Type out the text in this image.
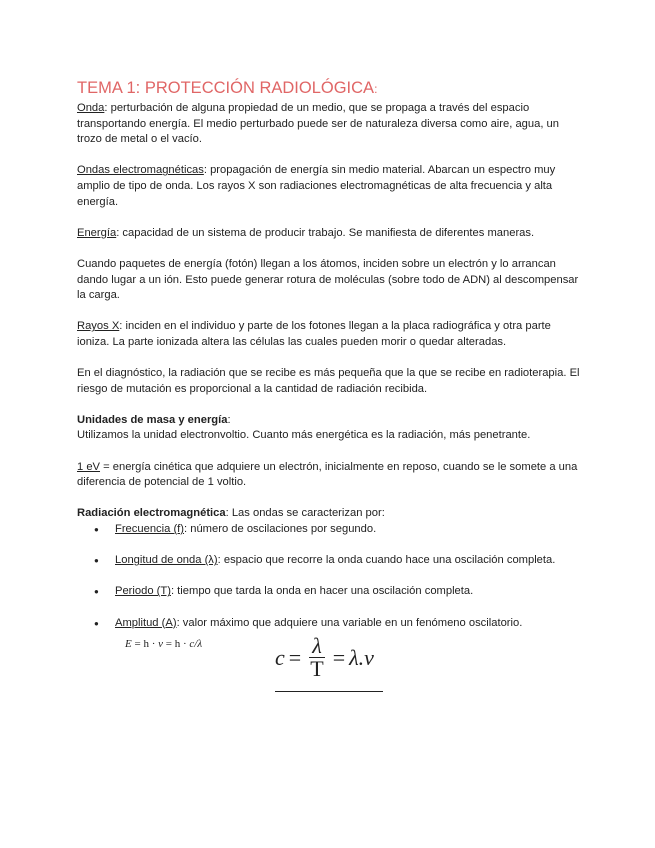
TEMA 1: PROTECCIÓN RADIOLÓGICA:

Onda: perturbación de alguna propiedad de un medio, que se propaga a través del espacio transportando energía. El medio perturbado puede ser de naturaleza diversa como aire, agua, un trozo de metal o el vacío.

Ondas electromagnéticas: propagación de energía sin medio material. Abarcan un espectro muy amplio de tipo de onda. Los rayos X son radiaciones electromagnéticas de alta frecuencia y alta energía.

Energía: capacidad de un sistema de producir trabajo. Se manifiesta de diferentes maneras.

Cuando paquetes de energía (fotón) llegan a los átomos, inciden sobre un electrón y lo arrancan dando lugar a un ión. Esto puede generar rotura de moléculas (sobre todo de ADN) al descompensar la carga.

Rayos X: inciden en el individuo y parte de los fotones llegan a la placa radiográfica y otra parte ioniza. La parte ionizada altera las células las cuales pueden morir o quedar alteradas.

En el diagnóstico, la radiación que se recibe es más pequeña que la que se recibe en radioterapia. El riesgo de mutación es proporcional a la cantidad de radiación recibida.

Unidades de masa y energía:

Utilizamos la unidad electronvoltio. Cuanto más energética es la radiación, más penetrante.

1 eV = energía cinética que adquiere un electrón, inicialmente en reposo, cuando se le somete a una diferencia de potencial de 1 voltio.

Radiación electromagnética: Las ondas se caracterizan por:

● Frecuencia (f): número de oscilaciones por segundo.
● Longitud de onda (λ): espacio que recorre la onda cuando hace una oscilación completa.
● Periodo (T): tiempo que tarda la onda en hacer una oscilación completa.
● Amplitud (A): valor máximo que adquiere una variable en un fenómeno oscilatorio.
E = h · v = h · c/λ
$c = \frac{\lambda}{T} = \lambda.\nu$
